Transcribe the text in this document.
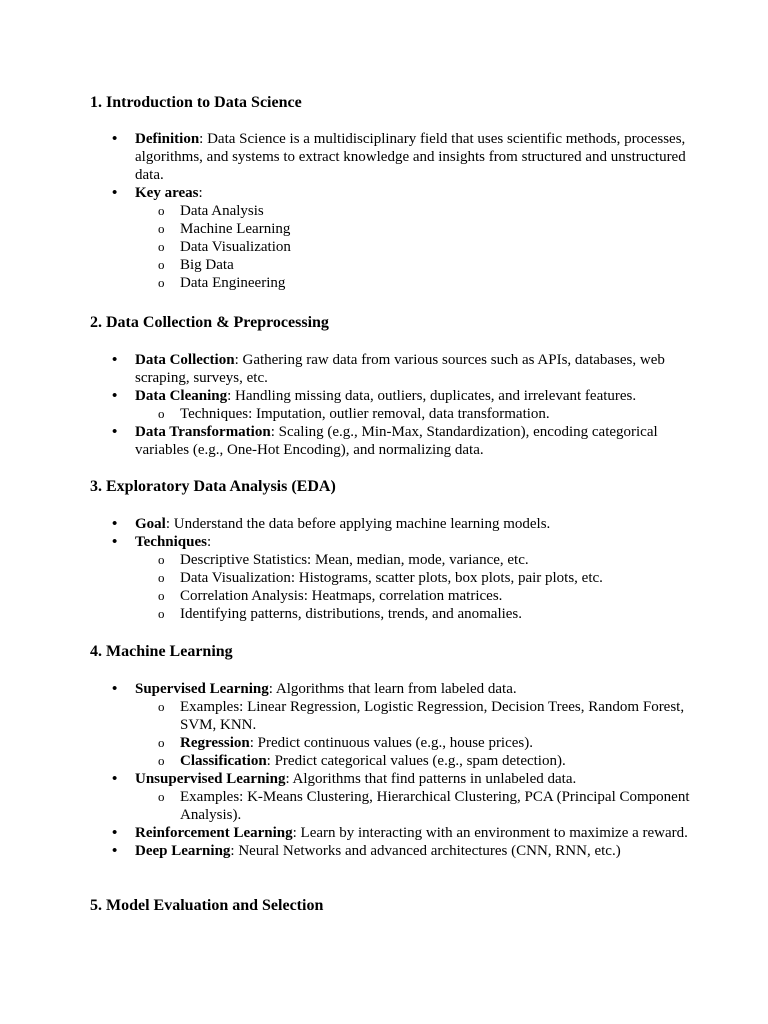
1. Introduction to Data Science
• Definition: Data Science is a multidisciplinary field that uses scientific methods, processes, algorithms, and systems to extract knowledge and insights from structured and unstructured data.
• Key areas:
o Data Analysis
o Machine Learning
o Data Visualization
o Big Data
o Data Engineering
2. Data Collection & Preprocessing
• Data Collection: Gathering raw data from various sources such as APIs, databases, web scraping, surveys, etc.
• Data Cleaning: Handling missing data, outliers, duplicates, and irrelevant features.
o Techniques: Imputation, outlier removal, data transformation.
• Data Transformation: Scaling (e.g., Min-Max, Standardization), encoding categorical variables (e.g., One-Hot Encoding), and normalizing data.
3. Exploratory Data Analysis (EDA)
• Goal: Understand the data before applying machine learning models.
• Techniques:
o Descriptive Statistics: Mean, median, mode, variance, etc.
o Data Visualization: Histograms, scatter plots, box plots, pair plots, etc.
o Correlation Analysis: Heatmaps, correlation matrices.
o Identifying patterns, distributions, trends, and anomalies.
4. Machine Learning
• Supervised Learning: Algorithms that learn from labeled data.
o Examples: Linear Regression, Logistic Regression, Decision Trees, Random Forest, SVM, KNN.
o Regression: Predict continuous values (e.g., house prices).
o Classification: Predict categorical values (e.g., spam detection).
• Unsupervised Learning: Algorithms that find patterns in unlabeled data.
o Examples: K-Means Clustering, Hierarchical Clustering, PCA (Principal Component Analysis).
• Reinforcement Learning: Learn by interacting with an environment to maximize a reward.
• Deep Learning: Neural Networks and advanced architectures (CNN, RNN, etc.)
5. Model Evaluation and Selection
